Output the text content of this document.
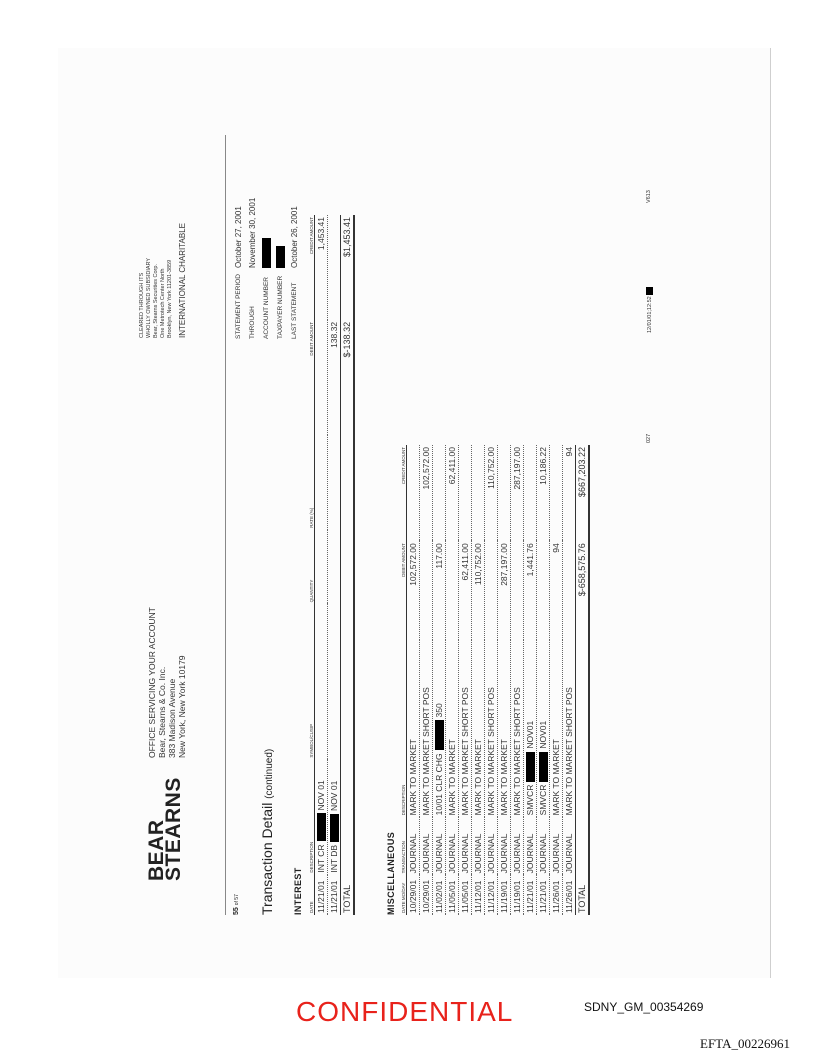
BEAR
STEARNS
OFFICE SERVICING YOUR ACCOUNT Bear, Stearns & Co. Inc. 383 Madison Avenue New York, New York 10179
CLEARED THROUGH ITS WHOLLY OWNED SUBSIDIARY Bear, Stearns Securities Corp. One Metrotech Center North Brooklyn, New York 11201-3859 INTERNATIONAL CHARITABLE
55 of 57 Transaction Detail (continued)
STATEMENT PERIOD	October 27, 2001
THROUGH	November 30, 2001
ACCOUNT NUMBER	
TAXPAYER NUMBER	
LAST STATEMENT	October 26, 2001
INTEREST DATE	DESCRIPTION	SYMBOL/CUSIP	QUANTITY	RATE (%)	DEBIT AMOUNT	CREDIT AMOUNT
11/21/01	INT CRNOV 01					1,453.41
11/21/01	INT DBNOV 01				138.32	
TOTAL					$-138.32	$1,453.41
MISCELLANEOUS DATE MO/DAY	TRANSACTION	DESCRIPTION	DEBIT AMOUNT	CREDIT AMOUNT
10/29/01	JOURNAL	MARK TO MARKET	102,572.00	
10/29/01	JOURNAL	MARK TO MARKET SHORT POS		102,572.00
11/02/01	JOURNAL	10/01 CLR CHG350	117.00	
11/05/01	JOURNAL	MARK TO MARKET		62,411.00
11/05/01	JOURNAL	MARK TO MARKET SHORT POS	62,411.00	
11/12/01	JOURNAL	MARK TO MARKET	110,752.00	
11/12/01	JOURNAL	MARK TO MARKET SHORT POS		110,752.00
11/19/01	JOURNAL	MARK TO MARKET	287,197.00	
11/19/01	JOURNAL	MARK TO MARKET SHORT POS		287,197.00
11/21/01	JOURNAL	SMVCRNOV01	1,441.76	
11/21/01	JOURNAL	SMVCRNOV01		10,186.22
11/26/01	JOURNAL	MARK TO MARKET	94	
11/26/01	JOURNAL	MARK TO MARKET SHORT POS		94
TOTAL			$-658,575.76	$667,203.22
027
12/01/01;12:52
V613
CONFIDENTIAL	SDNY_GM_00354269
EFTA_00226961
